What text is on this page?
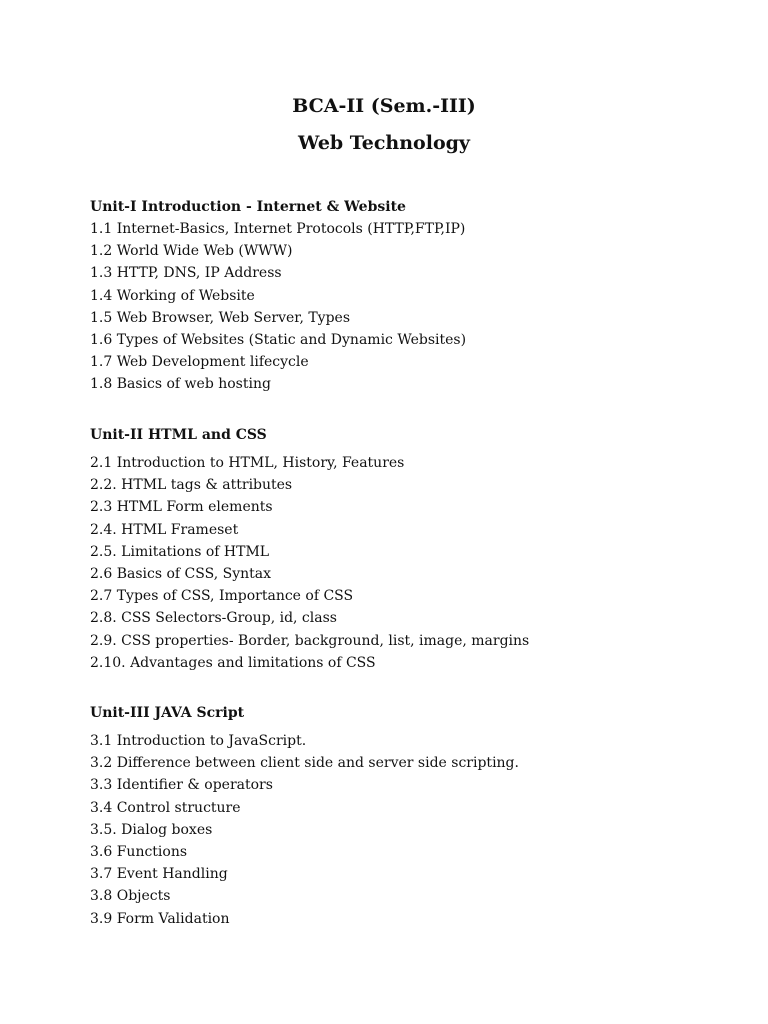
BCA-II (Sem.-III)
Web Technology
Unit-I Introduction - Internet & Website
1.1 Internet-Basics, Internet Protocols (HTTP,FTP,IP)
1.2 World Wide Web (WWW)
1.3 HTTP, DNS, IP Address
1.4 Working of Website
1.5 Web Browser, Web Server, Types
1.6 Types of Websites (Static and Dynamic Websites)
1.7 Web Development lifecycle
1.8 Basics of web hosting
Unit-II HTML and CSS
2.1 Introduction to HTML, History, Features
2.2. HTML tags & attributes
2.3 HTML Form elements
2.4. HTML Frameset
2.5. Limitations of HTML
2.6 Basics of CSS, Syntax
2.7 Types of CSS, Importance of CSS
2.8. CSS Selectors-Group, id, class
2.9. CSS properties- Border, background, list, image, margins
2.10. Advantages and limitations of CSS
Unit-III JAVA Script
3.1 Introduction to JavaScript.
3.2 Difference between client side and server side scripting.
3.3 Identifier & operators
3.4 Control structure
3.5. Dialog boxes
3.6 Functions
3.7 Event Handling
3.8 Objects
3.9 Form Validation
